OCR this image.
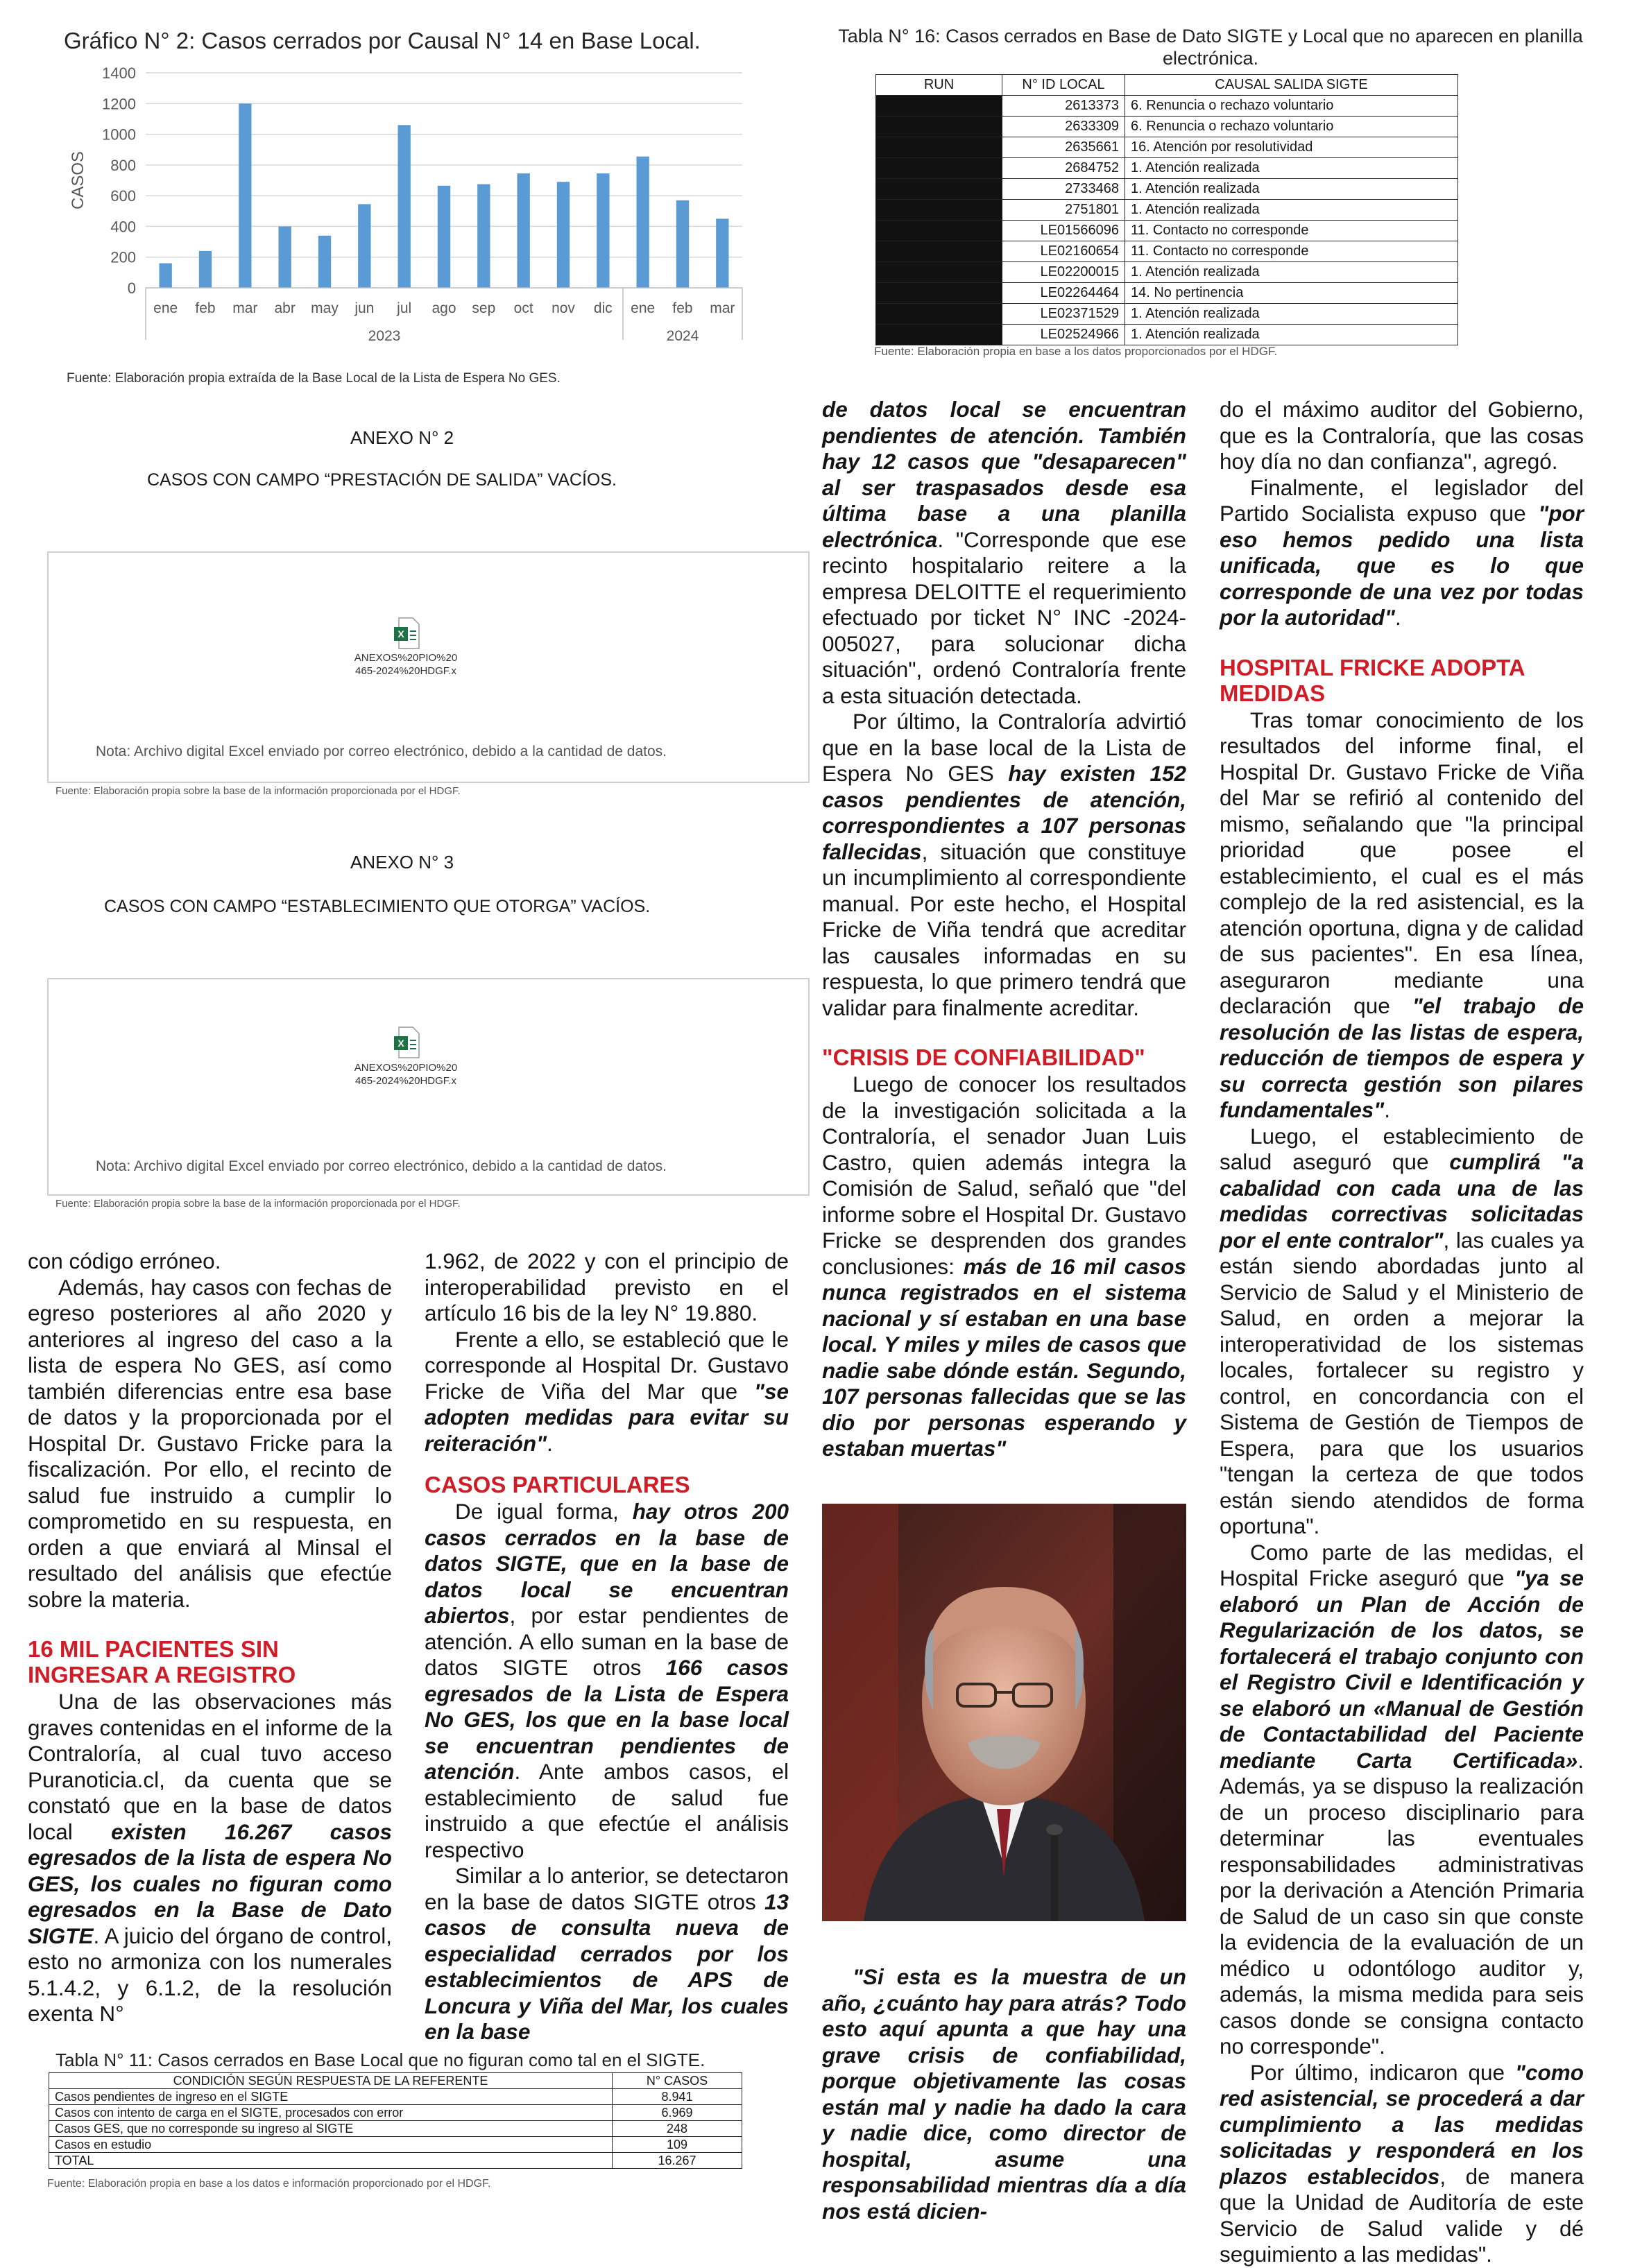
Gráfico N° 2: Casos cerrados por Causal N° 14 en Base Local.
0
200
400
600
800
1000
1200
1400
CASOS
ene feb mar abr may jun jul ago sep oct nov dic ene feb mar
2023	2024
Fuente: Elaboración propia extraída de la Base Local de la Lista de Espera No GES.
Tabla N° 16: Casos cerrados en Base de Dato SIGTE y Local que no aparecen en planilla electrónica.
RUN	N° ID LOCAL	CAUSAL SALIDA SIGTE
	2613373	6. Renuncia o rechazo voluntario
	2633309	6. Renuncia o rechazo voluntario
	2635661	16. Atención por resolutividad
	2684752	1. Atención realizada
	2733468	1. Atención realizada
	2751801	1. Atención realizada
	LE01566096	11. Contacto no corresponde
	LE02160654	11. Contacto no corresponde
	LE02200015	1. Atención realizada
	LE02264464	14. No pertinencia
	LE02371529	1. Atención realizada
	LE02524966	1. Atención realizada
Fuente: Elaboración propia en base a los datos proporcionados por el HDGF.
ANEXO N° 2
CASOS CON CAMPO “PRESTACIÓN DE SALIDA” VACÍOS.
X
ANEXOS%20PIO%20
465-2024%20HDGF.x
Nota: Archivo digital Excel enviado por correo electrónico, debido a la cantidad de datos.
Fuente: Elaboración propia sobre la base de la información proporcionada por el HDGF.
ANEXO N° 3
CASOS CON CAMPO “ESTABLECIMIENTO QUE OTORGA” VACÍOS.
X
ANEXOS%20PIO%20
465-2024%20HDGF.x
Nota: Archivo digital Excel enviado por correo electrónico, debido a la cantidad de datos.
Fuente: Elaboración propia sobre la base de la información proporcionada por el HDGF.

con código erróneo.

Además, hay casos con fechas de egreso posteriores al año 2020 y anteriores al ingreso del caso a la lista de espera No GES, así como también diferencias entre esa base de datos y la proporcionada por el Hospital Dr. Gustavo Fricke para la fiscalización. Por ello, el recinto de salud fue instruido a cumplir lo comprometido en su respuesta, en orden a que enviará al Minsal el resultado del análisis que efectúe sobre la materia.

16 MIL PACIENTES SIN INGRESAR A REGISTRO

Una de las observaciones más graves contenidas en el informe de la Contraloría, al cual tuvo acceso Puranoticia.cl, da cuenta que se constató que en la base de datos local existen 16.267 casos egresados de la lista de espera No GES, los cuales no figuran como egresados en la Base de Dato SIGTE. A juicio del órgano de control, esto no armoniza con los numerales 5.1.4.2, y 6.1.2, de la resolución exenta N°

1.962, de 2022 y con el principio de interoperabilidad previsto en el artículo 16 bis de la ley N° 19.880.

Frente a ello, se estableció que le corresponde al Hospital Dr. Gustavo Fricke de Viña del Mar que "se adopten medidas para evitar su reiteración".

CASOS PARTICULARES

De igual forma, hay otros 200 casos cerrados en la base de datos SIGTE, que en la base de datos local se encuentran abiertos, por estar pendientes de atención. A ello suman en la base de datos SIGTE otros 166 casos egresados de la Lista de Espera No GES, los que en la base local se encuentran pendientes de atención. Ante ambos casos, el establecimiento de salud fue instruido a que efectúe el análisis respectivo

Similar a lo anterior, se detectaron en la base de datos SIGTE otros 13 casos de consulta nueva de especialidad cerrados por los establecimientos de APS de Loncura y Viña del Mar, los cuales en la base

Tabla N° 11: Casos cerrados en Base Local que no figuran como tal en el SIGTE.
CONDICIÓN SEGÚN RESPUESTA DE LA REFERENTE	N° CASOS
Casos pendientes de ingreso en el SIGTE	8.941
Casos con intento de carga en el SIGTE, procesados con error	6.969
Casos GES, que no corresponde su ingreso al SIGTE	248
Casos en estudio	109
TOTAL	16.267
Fuente: Elaboración propia en base a los datos e información proporcionado por el HDGF.

de datos local se encuentran pendientes de atención. También hay 12 casos que "desaparecen" al ser traspasados desde esa última base a una planilla electrónica. "Corresponde que ese recinto hospitalario reitere a la empresa DELOITTE el requerimiento efectuado por ticket N° INC -2024-005027, para solucionar dicha situación", ordenó Contraloría frente a esta situación detectada.

Por último, la Contraloría advirtió que en la base local de la Lista de Espera No GES hay existen 152 casos pendientes de atención, correspondientes a 107 personas fallecidas, situación que constituye un incumplimiento al correspondiente manual. Por este hecho, el Hospital Fricke de Viña tendrá que acreditar las causales informadas en su respuesta, lo que primero tendrá que validar para finalmente acreditar.

"CRISIS DE CONFIABILIDAD"

Luego de conocer los resultados de la investigación solicitada a la Contraloría, el senador Juan Luis Castro, quien además integra la Comisión de Salud, señaló que "del informe sobre el Hospital Dr. Gustavo Fricke se desprenden dos grandes conclusiones: más de 16 mil casos nunca registrados en el sistema nacional y sí estaban en una base local. Y miles y miles de casos que nadie sabe dónde están. Segundo, 107 personas fallecidas que se las dio por personas esperando y estaban muertas"

"Si esta es la muestra de un año, ¿cuánto hay para atrás? Todo esto aquí apunta a que hay una grave crisis de confiabilidad, porque objetivamente las cosas están mal y nadie ha dado la cara y nadie dice, como director de hospital, asume una responsabilidad mientras día a día nos está dicien-

do el máximo auditor del Gobierno, que es la Contraloría, que las cosas hoy día no dan confianza", agregó.

Finalmente, el legislador del Partido Socialista expuso que "por eso hemos pedido una lista unificada, que es lo que corresponde de una vez por todas por la autoridad".

HOSPITAL FRICKE ADOPTA MEDIDAS

Tras tomar conocimiento de los resultados del informe final, el Hospital Dr. Gustavo Fricke de Viña del Mar se refirió al contenido del mismo, señalando que "la principal prioridad que posee el establecimiento, el cual es el más complejo de la red asistencial, es la atención oportuna, digna y de calidad de sus pacientes". En esa línea, aseguraron mediante una declaración que "el trabajo de resolución de las listas de espera, reducción de tiempos de espera y su correcta gestión son pilares fundamentales".

Luego, el establecimiento de salud aseguró que cumplirá "a cabalidad con cada una de las medidas correctivas solicitadas por el ente contralor", las cuales ya están siendo abordadas junto al Servicio de Salud y el Ministerio de Salud, en orden a mejorar la interoperatividad de los sistemas locales, fortalecer su registro y control, en concordancia con el Sistema de Gestión de Tiempos de Espera, para que los usuarios "tengan la certeza de que todos están siendo atendidos de forma oportuna".

Como parte de las medidas, el Hospital Fricke aseguró que "ya se elaboró un Plan de Acción de Regularización de los datos, se fortalecerá el trabajo conjunto con el Registro Civil e Identificación y se elaboró un «Manual de Gestión de Contactabilidad del Paciente mediante Carta Certificada». Además, ya se dispuso la realización de un proceso disciplinario para determinar las eventuales responsabilidades administrativas por la derivación a Atención Primaria de Salud de un caso sin que conste la evidencia de la evaluación de un médico u odontólogo auditor y, además, la misma medida para seis casos donde se consigna contacto no corresponde".

Por último, indicaron que "como red asistencial, se procederá a dar cumplimiento a las medidas solicitadas y responderá en los plazos establecidos, de manera que la Unidad de Auditoría de este Servicio de Salud valide y dé seguimiento a las medidas".
